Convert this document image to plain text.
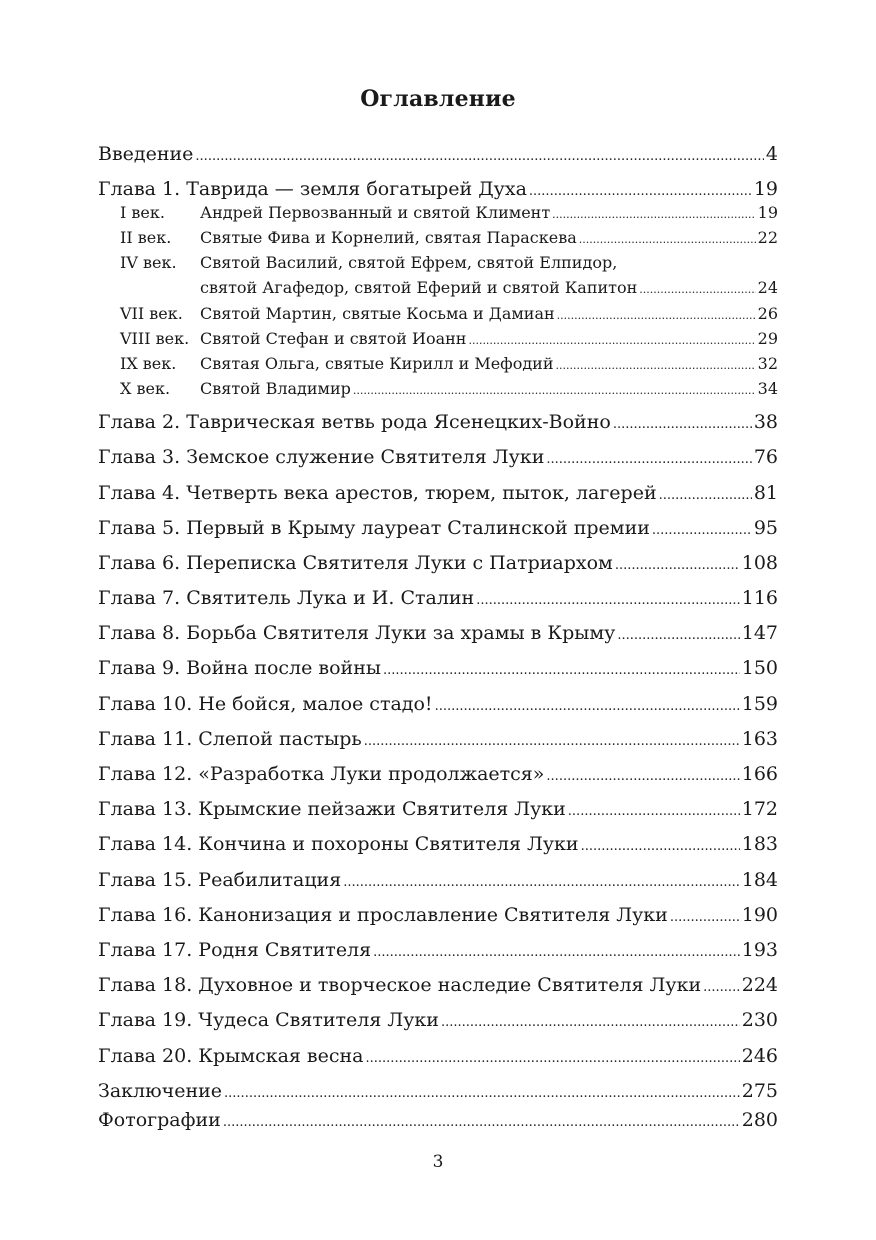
Оглавление
Введение .....	4
Глава 1. Таврида — земля богатырей Духа .....	19
I век. Андрей Первозванный и святой Климент .....	19
II век. Святые Фива и Корнелий, святая Параскева .....	22
IV век. Святой Василий, святой Ефрем, святой Елпидор,
святой Агафедор, святой Еферий и святой Капитон .....	24
VII век. Святой Мартин, святые Косьма и Дамиан .....	26
VIII век. Святой Стефан и святой Иоанн .....	29
IX век. Святая Ольга, святые Кирилл и Мефодий .....	32
X век. Святой Владимир .....	34
Глава 2. Таврическая ветвь рода Ясенецких-Войно .....	38
Глава 3. Земское служение Святителя Луки .....	76
Глава 4. Четверть века арестов, тюрем, пыток, лагерей .....	81
Глава 5. Первый в Крыму лауреат Сталинской премии .....	95
Глава 6. Переписка Святителя Луки с Патриархом .....	108
Глава 7. Святитель Лука и И. Сталин .....	116
Глава 8. Борьба Святителя Луки за храмы в Крыму .....	147
Глава 9. Война после войны .....	150
Глава 10. Не бойся, малое стадо! .....	159
Глава 11. Слепой пастырь .....	163
Глава 12. «Разработка Луки продолжается» .....	166
Глава 13. Крымские пейзажи Святителя Луки .....	172
Глава 14. Кончина и похороны Святителя Луки .....	183
Глава 15. Реабилитация .....	184
Глава 16. Канонизация и прославление Святителя Луки .....	190
Глава 17. Родня Святителя .....	193
Глава 18. Духовное и творческое наследие Святителя Луки ..... 224
Глава 19. Чудеса Святителя Луки .....	230
Глава 20. Крымская весна .....	246
Заключение .....	275
Фотографии .....	280
3
